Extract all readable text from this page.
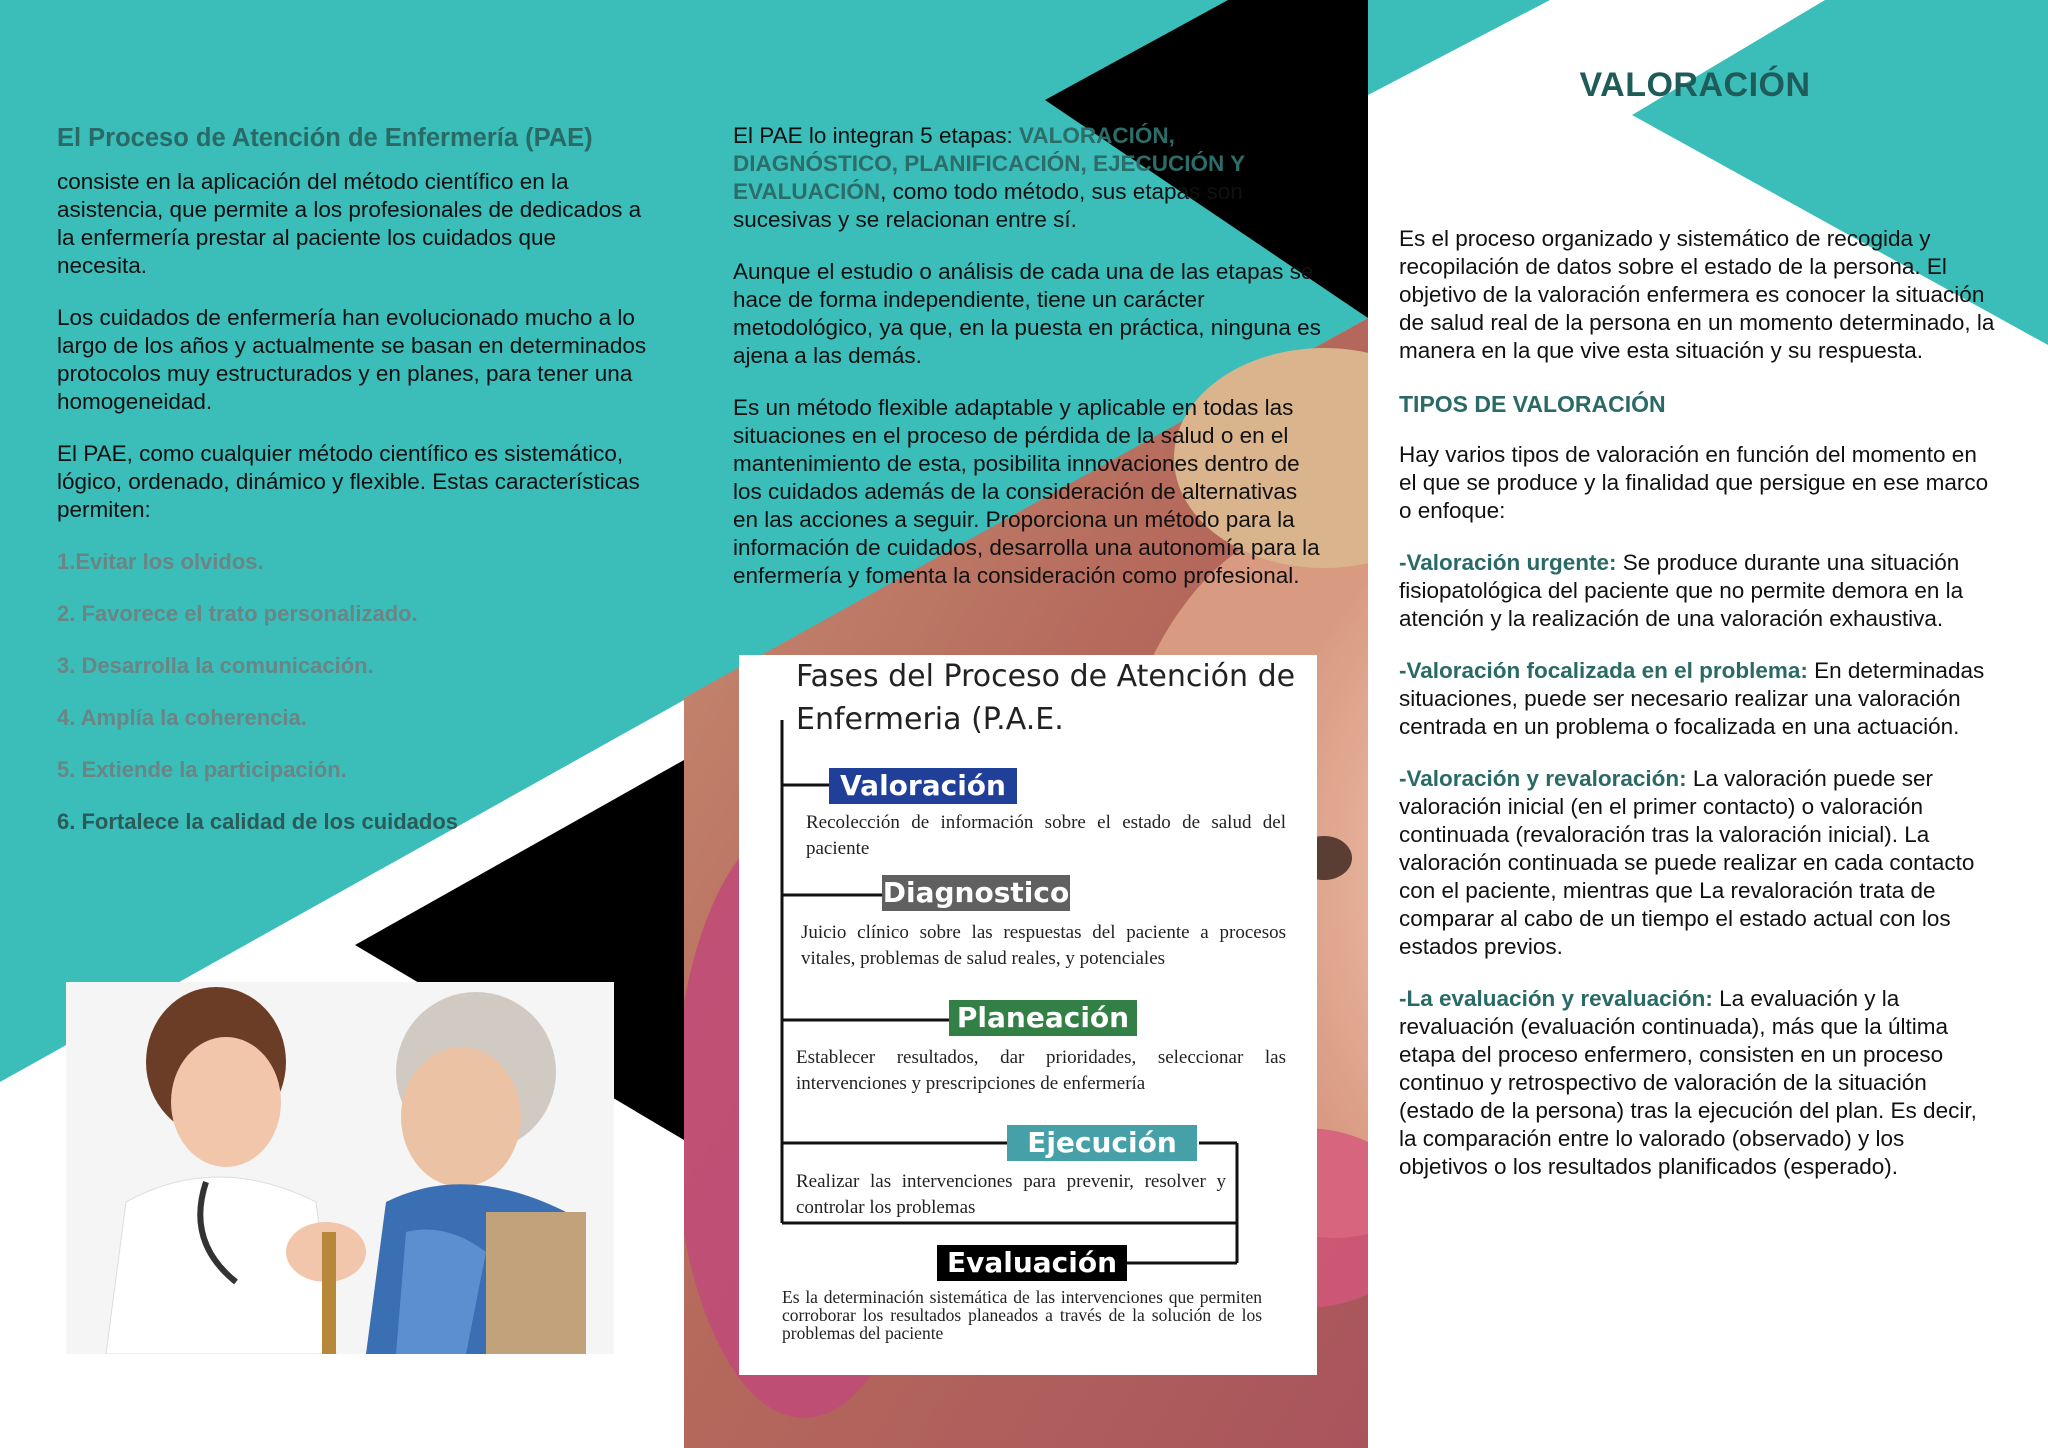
El Proceso de Atención de Enfermería (PAE)

consiste en la aplicación del método científico en la asistencia, que permite a los profesionales de dedicados a la enfermería prestar al paciente los cuidados que necesita.

Los cuidados de enfermería han evolucionado mucho a lo largo de los años y actualmente se basan en determinados protocolos muy estructurados y en planes, para tener una homogeneidad.

El PAE, como cualquier método científico es sistemático, lógico, ordenado, dinámico y flexible. Estas características permiten:

1.Evitar los olvidos.

2. Favorece el trato personalizado.

3. Desarrolla la comunicación.

4. Amplía la coherencia.

5. Extiende la participación.

6. Fortalece la calidad de los cuidados

El PAE lo integran 5 etapas: VALORACIÓN, DIAGNÓSTICO, PLANIFICACIÓN, EJECUCIÓN Y EVALUACIÓN, como todo método, sus etapas son sucesivas y se relacionan entre sí.

Aunque el estudio o análisis de cada una de las etapas se hace de forma independiente, tiene un carácter metodológico, ya que, en la puesta en práctica, ninguna es ajena a las demás.

Es un método flexible adaptable y aplicable en todas las situaciones en el proceso de pérdida de la salud o en el mantenimiento de esta, posibilita innovaciones dentro de los cuidados además de la consideración de alternativas en las acciones a seguir. Proporciona un método para la información de cuidados, desarrolla una autonomía para la enfermería y fomenta la consideración como profesional.

Fases del Proceso de Atención de Enfermeria (P.A.E.
Valoración
Recolección de información sobre el estado de salud del paciente
Diagnostico
Juicio clínico sobre las respuestas del paciente a procesos vitales, problemas de salud reales, y potenciales
Planeación
Establecer resultados, dar prioridades, seleccionar las intervenciones y prescripciones de enfermería
Ejecución
Realizar las intervenciones para prevenir, resolver y controlar los problemas
Evaluación
Es la determinación sistemática de las intervenciones que permiten corroborar los resultados planeados a través de la solución de los problemas del paciente
VALORACIÓN

Es el proceso organizado y sistemático de recogida y recopilación de datos sobre el estado de la persona. El objetivo de la valoración enfermera es conocer la situación de salud real de la persona en un momento determinado, la manera en la que vive esta situación y su respuesta.

TIPOS DE VALORACIÓN

Hay varios tipos de valoración en función del momento en el que se produce y la finalidad que persigue en ese marco o enfoque:

-Valoración urgente: Se produce durante una situación fisiopatológica del paciente que no permite demora en la atención y la realización de una valoración exhaustiva.

-Valoración focalizada en el problema: En determinadas situaciones, puede ser necesario realizar una valoración centrada en un problema o focalizada en una actuación.

-Valoración y revaloración: La valoración puede ser valoración inicial (en el primer contacto) o valoración continuada (revaloración tras la valoración inicial). La valoración continuada se puede realizar en cada contacto con el paciente, mientras que La revaloración trata de comparar al cabo de un tiempo el estado actual con los estados previos.

-La evaluación y revaluación: La evaluación y la revaluación (evaluación continuada), más que la última etapa del proceso enfermero, consisten en un proceso continuo y retrospectivo de valoración de la situación (estado de la persona) tras la ejecución del plan. Es decir, la comparación entre lo valorado (observado) y los objetivos o los resultados planificados (esperado).
